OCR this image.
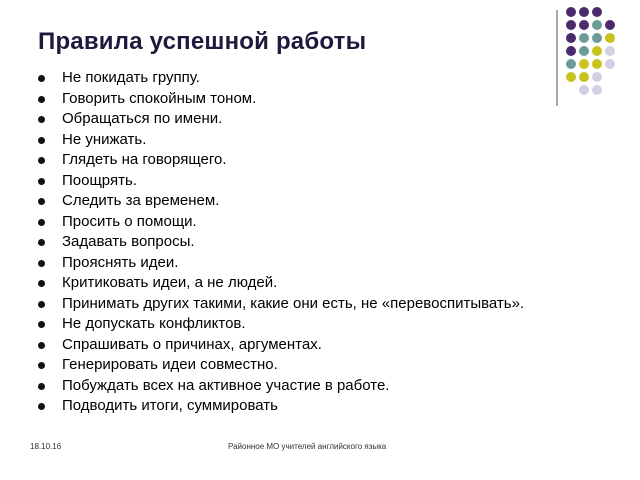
Правила успешной работы
Не покидать группу.
Говорить спокойным тоном.
Обращаться по имени.
Не унижать.
Глядеть на говорящего.
Поощрять.
Следить за временем.
Просить о помощи.
Задавать вопросы.
Прояснять идеи.
Критиковать идеи, а не людей.
Принимать других такими, какие они есть, не «перевоспитывать».
Не допускать конфликтов.
Спрашивать о причинах, аргументах.
Генерировать идеи совместно.
Побуждать всех на активное участие в работе.
Подводить итоги, суммировать
18.10.16	Районное МО учителей английского языка
